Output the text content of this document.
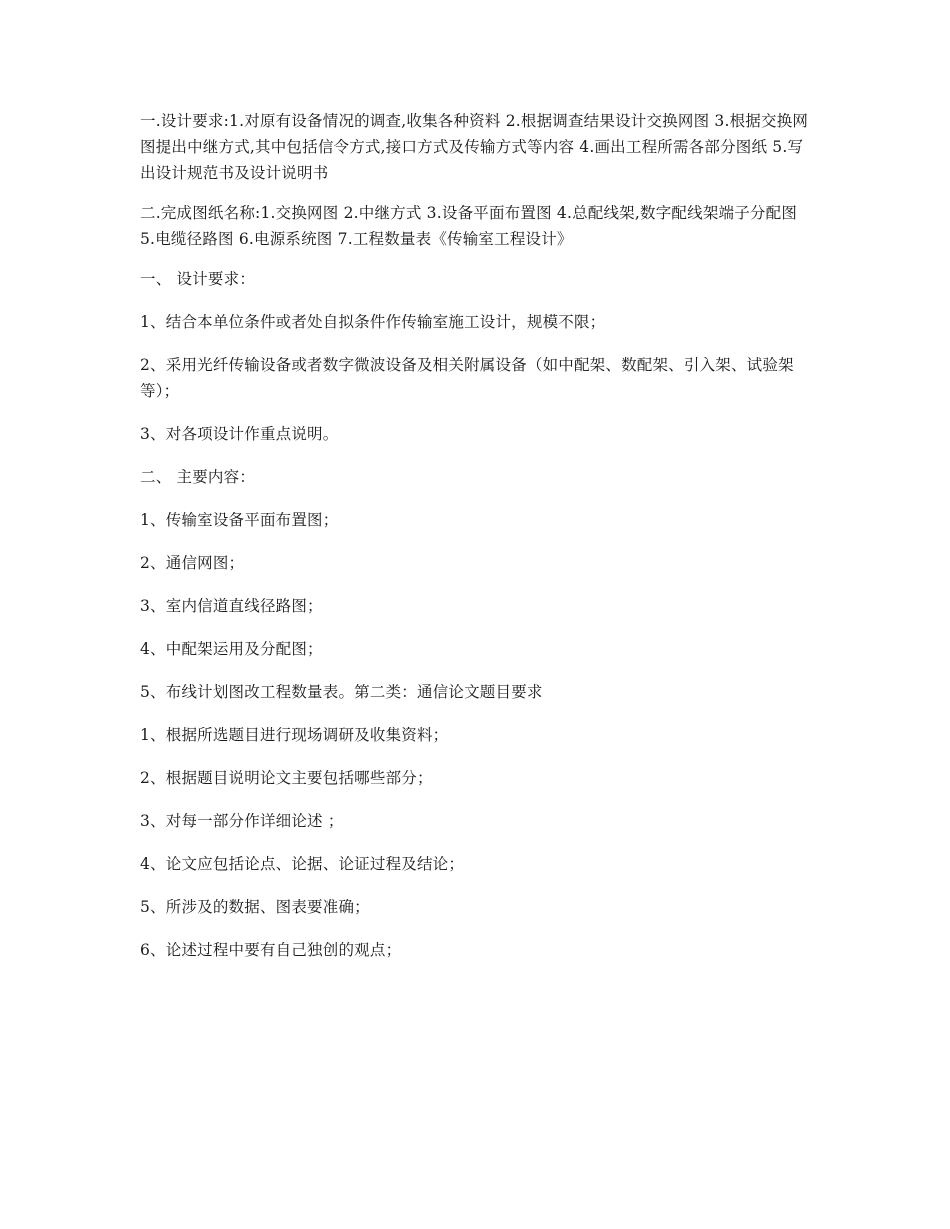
一.设计要求:1.对原有设备情况的调查,收集各种资料 2.根据调查结果设计交换网图 3.根据交换网图提出中继方式,其中包括信令方式,接口方式及传输方式等内容 4.画出工程所需各部分图纸 5.写出设计规范书及设计说明书

二.完成图纸名称:1.交换网图 2.中继方式 3.设备平面布置图 4.总配线架,数字配线架端子分配图 5.电缆径路图 6.电源系统图 7.工程数量表《传输室工程设计》

一、 设计要求：

1、结合本单位条件或者处自拟条件作传输室施工设计，规模不限；

2、采用光纤传输设备或者数字微波设备及相关附属设备（如中配架、数配架、引入架、试验架等）；

3、对各项设计作重点说明。

二、 主要内容：

1、传输室设备平面布置图；

2、通信网图；

3、室内信道直线径路图；

4、中配架运用及分配图；

5、布线计划图改工程数量表。第二类：通信论文题目要求

1、根据所选题目进行现场调研及收集资料；

2、根据题目说明论文主要包括哪些部分；

3、对每一部分作详细论述 ；

4、论文应包括论点、论据、论证过程及结论；

5、所涉及的数据、图表要准确；

6、论述过程中要有自己独创的观点；
